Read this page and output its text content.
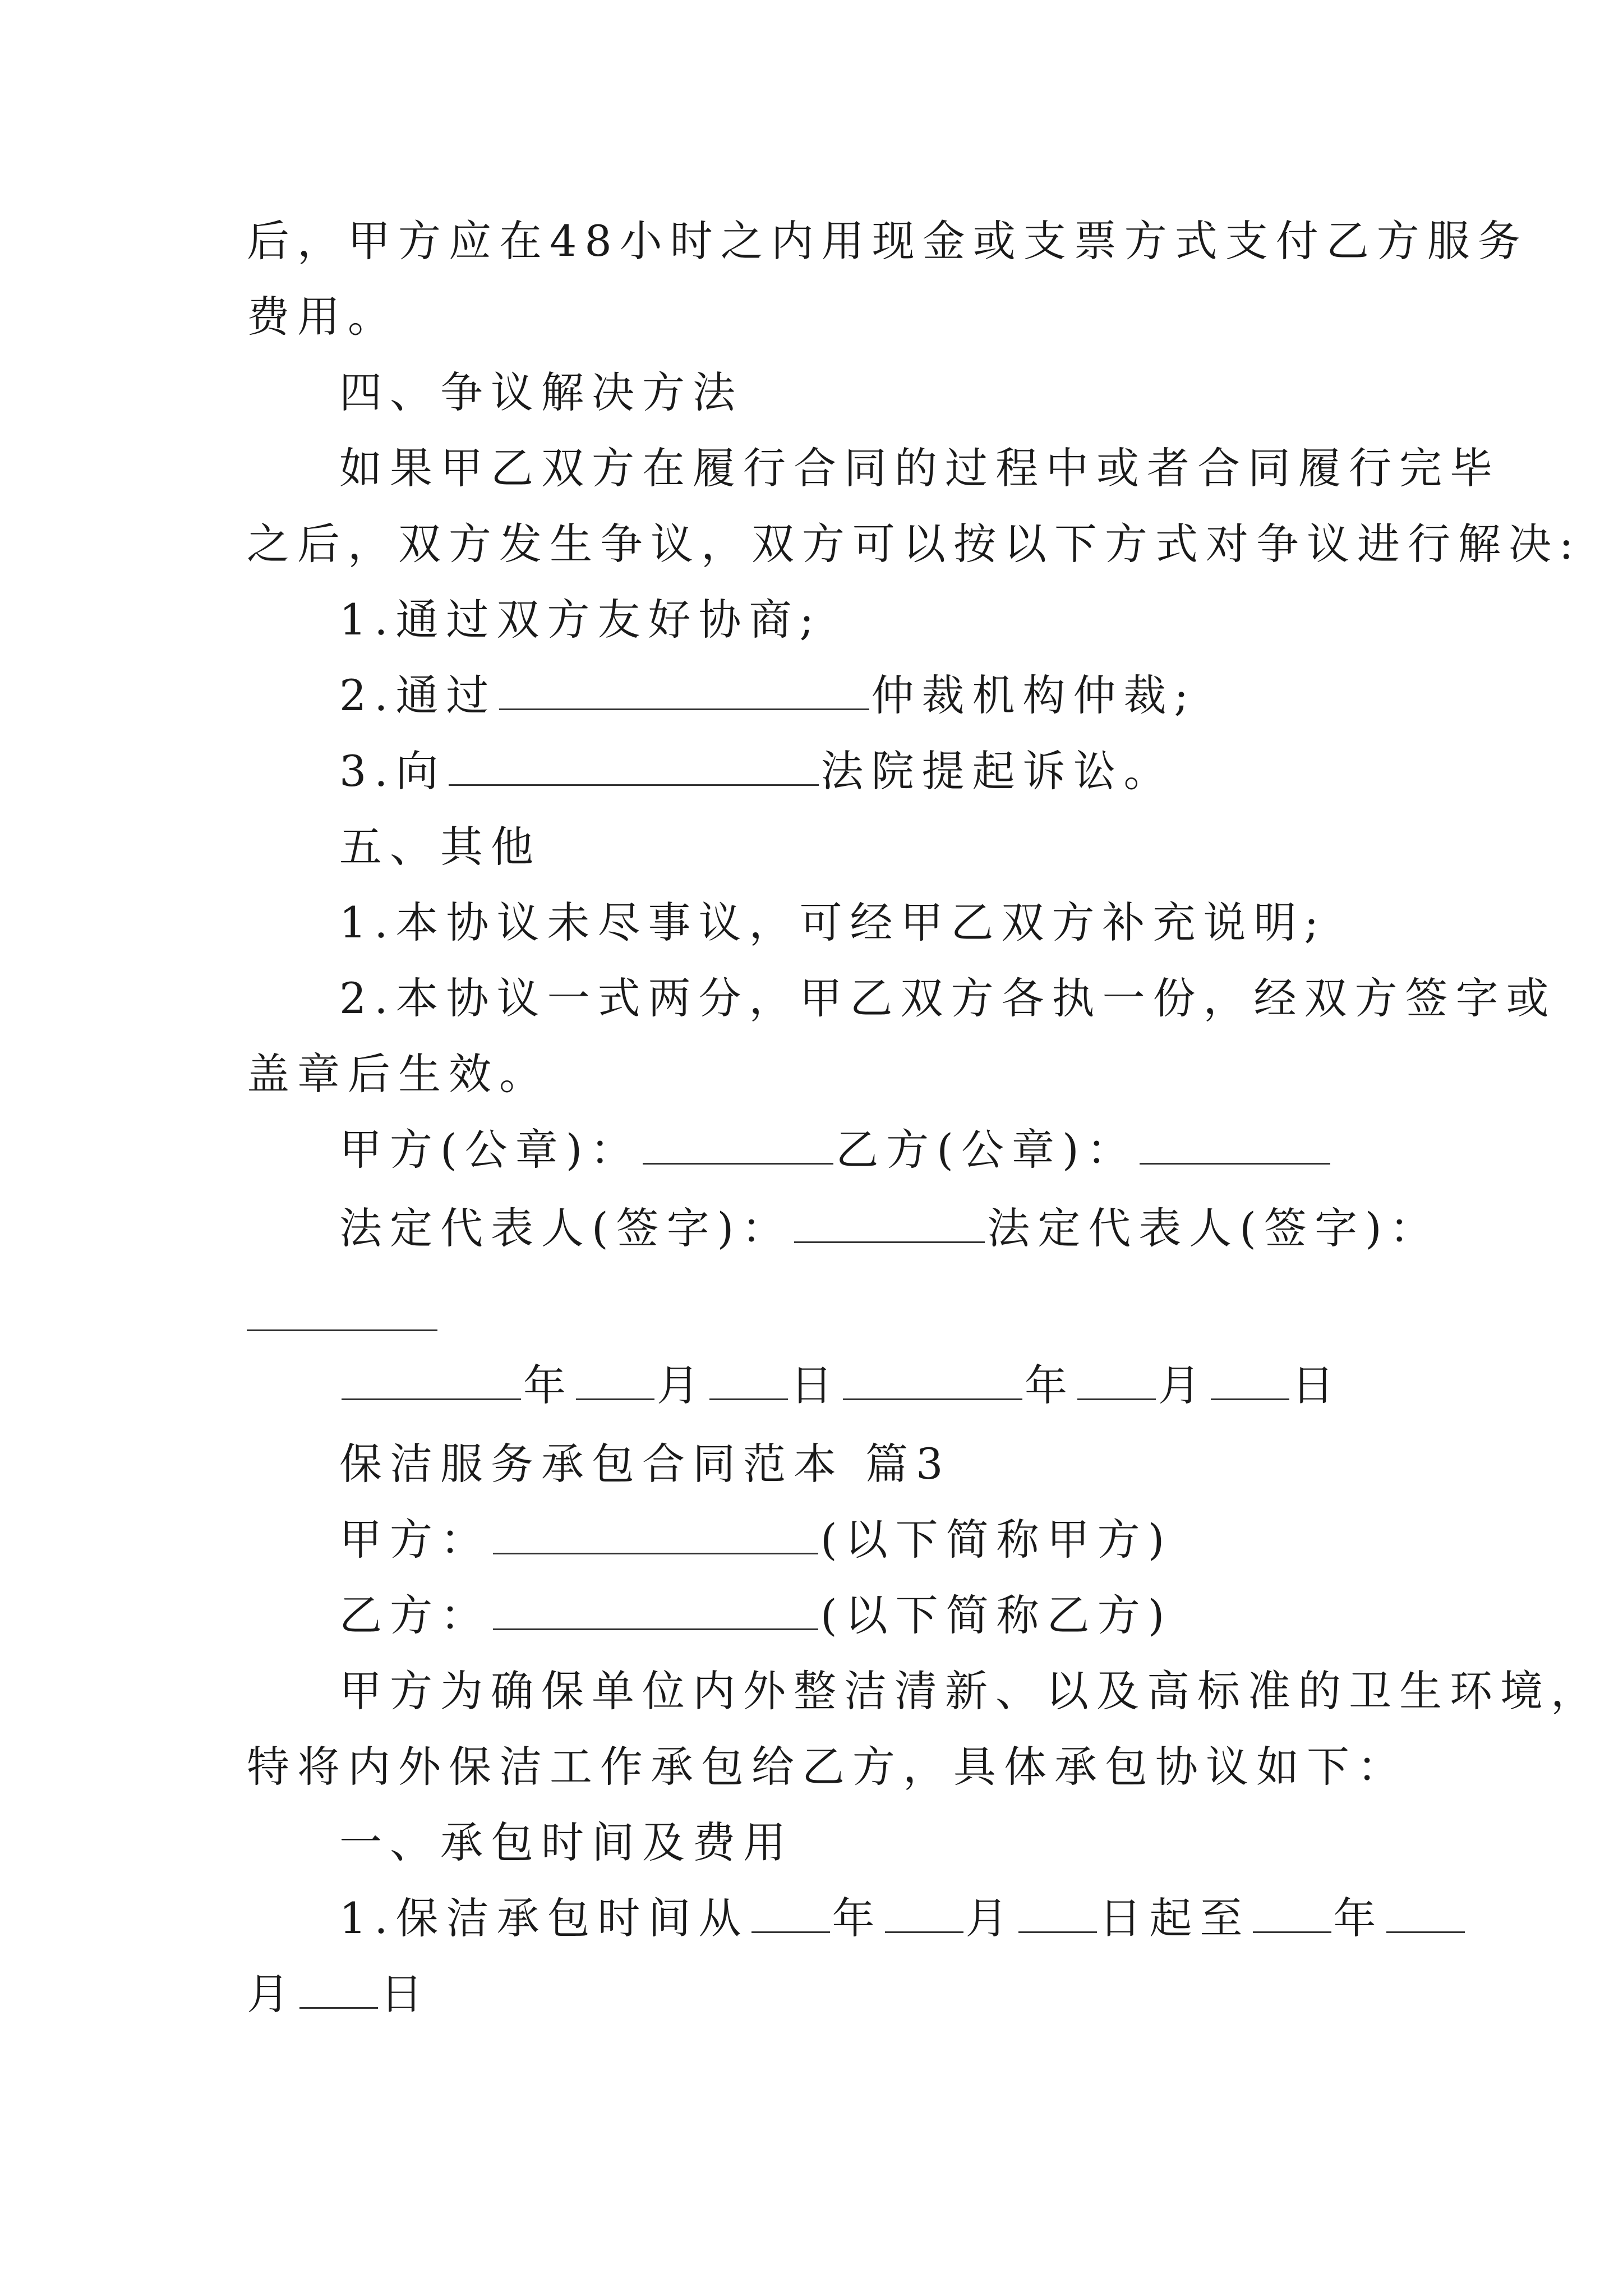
后，甲方应在48小时之内用现金或支票方式支付乙方服务
费用。
四、争议解决方法
如果甲乙双方在履行合同的过程中或者合同履行完毕
之后，双方发生争议，双方可以按以下方式对争议进行解决:
1.通过双方友好协商;
2.通过	仲裁机构仲裁;
3.向	法院提起诉讼。
五、其他
1.本协议未尽事议，可经甲乙双方补充说明;
2.本协议一式两分，甲乙双方各执一份，经双方签字或
盖章后生效。
甲方(公章)：	乙方(公章)：
法定代表人(签字)：	法定代表人(签字)：
年 月 日	年 月 日
保洁服务承包合同范本 篇3
甲方：	(以下简称甲方)
乙方：	(以下简称乙方)
甲方为确保单位内外整洁清新、以及高标准的卫生环境，
特将内外保洁工作承包给乙方，具体承包协议如下：
一、承包时间及费用
1.保洁承包时间从 年 月 日起至 年
月 日
